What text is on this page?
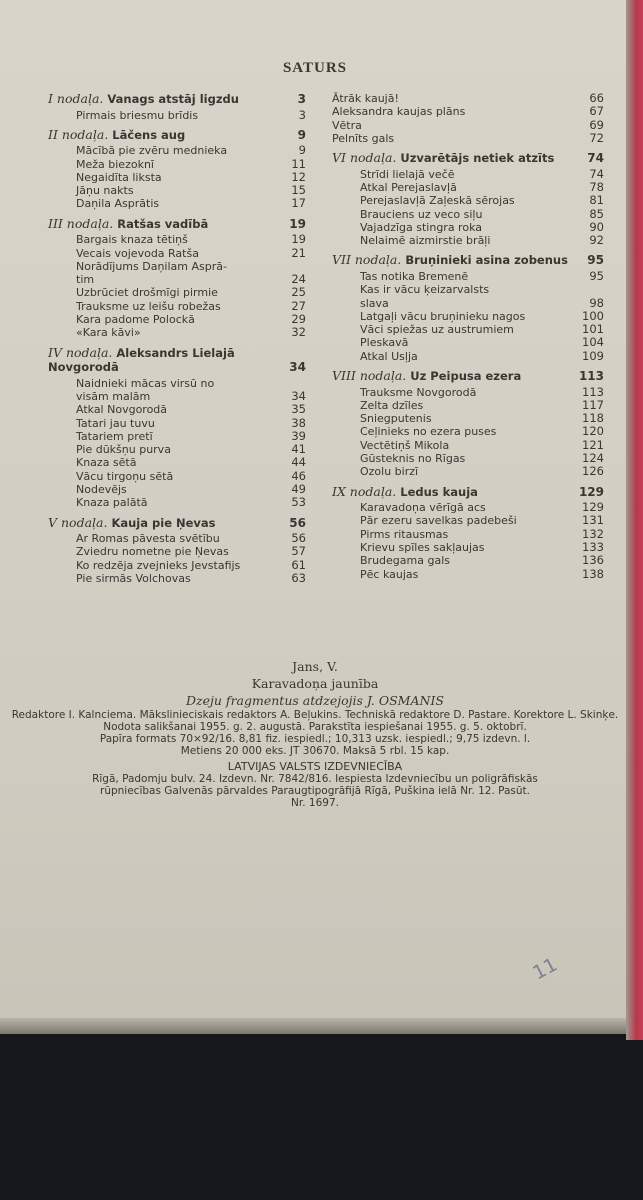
SATURS
I nodaļa. Vanags atstāj ligzdu	3
Pirmais briesmu brīdis	3
II nodaļa. Lāčens aug	9
Mācībā pie zvēru mednieka	9
Meža biezoknī	11
Negaidīta liksta	12
Jāņu nakts	15
Daņila Asprātis	17
III nodaļa. Ratšas vadībā	19
Bargais knaza tētiņš	19
Vecais vojevoda Ratša	21
Norādījums Daņilam Asprā-
tim	24
Uzbrūciet drošmīgi pirmie	25
Trauksme uz leišu robežas	27
Kara padome Polockā	29
«Kara kāvi»	32
IV nodaļa. Aleksandrs Lielajā Novgorodā	34
Naidnieki mācas virsū no
visām malām	34
Atkal Novgorodā	35
Tatari jau tuvu	38
Tatariem pretī	39
Pie dūkšņu purva	41
Knaza sētā	44
Vācu tirgoņu sētā	46
Nodevējs	49
Knaza palātā	53
V nodaļa. Kauja pie Ņevas	56
Ar Romas pāvesta svētību	56
Zviedru nometne pie Ņevas	57
Ko redzēja zvejnieks Jevstafijs	61
Pie sirmās Volchovas	63
Ātrāk kaujā!	66
Aleksandra kaujas plāns	67
Vētra	69
Pelnīts gals	72
VI nodaļa. Uzvarētājs netiek atzīts	74
Strīdi lielajā večē	74
Atkal Perejaslavļā	78
Perejaslavļā Zaļeskā sērojas	81
Brauciens uz veco siļu	85
Vajadzīga stingra roka	90
Nelaimē aizmirstie brāļi	92
VII nodaļa. Bruņinieki asina zobenus 95
Tas notika Bremenē	95
Kas ir vācu ķeizarvalsts
slava	98
Latgaļi vācu bruņinieku nagos	100
Vāci spiežas uz austrumiem	101
Pleskavā	104
Atkal Usļja	109
VIII nodaļa. Uz Peipusa ezera	113
Trauksme Novgorodā	113
Zelta dzīles	117
Sniegputenis	118
Ceļinieks no ezera puses	120
Vectētiņš Mikola	121
Gūsteknis no Rīgas	124
Ozolu birzī	126
IX nodaļa. Ledus kauja	129
Karavadoņa vērīgā acs	129
Pār ezeru savelkas padebeši	131
Pirms ritausmas	132
Krievu spīles sakļaujas	133
Brudegama gals	136
Pēc kaujas	138
Jans, V.
Karavadoņa jaunība
Dzeju fragmentus atdzejojis J. OSMANIS
Redaktore I. Kalnciema. Mākslinieciskais redaktors A. Beļukins. Techniskā redaktore D. Pastare. Korektore L. Skinķe.
Nodota salikšanai 1955. g. 2. augustā. Parakstīta iespiešanai 1955. g. 5. oktobrī.
Papīra formats 70×92/16. 8,81 fiz. iespiedl.; 10,313 uzsk. iespiedl.; 9,75 izdevn. l.
Metiens 20 000 eks. JT 30670. Maksā 5 rbl. 15 kap.
LATVIJAS VALSTS IZDEVNIECĪBA
Rīgā, Padomju bulv. 24. Izdevn. Nr. 7842/816. Iespiesta Izdevniecību un poligrāfiskās
rūpniecības Galvenās pārvaldes Paraugtipogrāfijā Rīgā, Puškina ielā Nr. 12. Pasūt.
Nr. 1697.
11
